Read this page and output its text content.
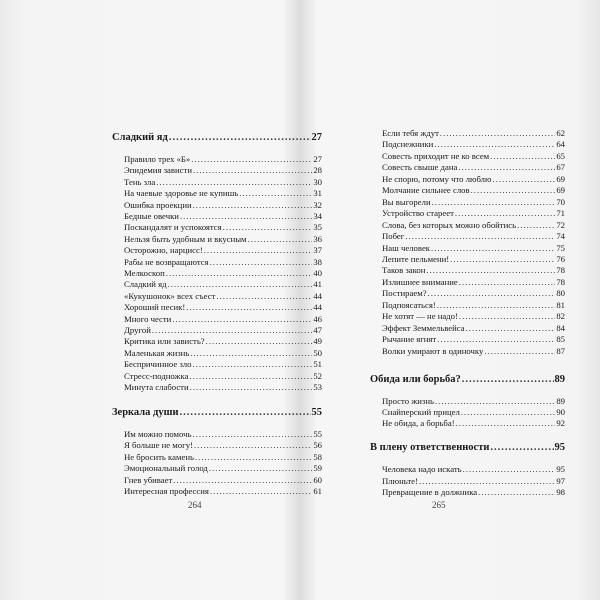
Сладкий яд .....	27
Правило трех «Б» .....	27
Эпидемия зависти .....	28
Тень зла .....	30
На чаевые здоровье не купишь .....	31
Ошибка проекции .....	32
Бедные овечки .....	34
Поскандалят и успокоятся .....	35
Нельзя быть удобным и вкусным .....	36
Осторожно, нарцисс! .....	37
Рабы не возвращаются .....	38
Мелкоскоп .....	40
Сладкий яд .....	41
«Кукушонок» всех съест .....	44
Хороший песик! .....	44
Много чести .....	46
Другой .....	47
Критика или зависть? .....	49
Маленькая жизнь .....	50
Беспричинное зло .....	51
Стресс-подножка .....	52
Минута слабости .....	53
Зеркала души .....	55
Им можно помочь .....	55
Я больше не могу! .....	56
Не бросить камень .....	58
Эмоциональный голод .....	59
Гнев убивает .....	60
Интересная профессия .....	61
264
Если тебя ждут .....	62
Подснежники .....	64
Совесть приходит не ко всем .....	65
Совесть свыше дана .....	67
Не спорю, потому что люблю .....	69
Молчание сильнее слов .....	69
Вы выгорели .....	70
Устройство стареет .....	71
Слова, без которых можно обойтись .....	72
Побег .....	74
Наш человек .....	75
Лепите пельмени! .....	76
Таков закон .....	78
Излишнее внимание .....	78
Постираем? .....	80
Подпоясаться! .....	81
Не хотят — не надо! .....	82
Эффект Земмельвейса .....	84
Рычание ягнят .....	85
Волки умирают в одиночку .....	87
Обида или борьба? .....	89
Просто жизнь .....	89
Снайперский прицел .....	90
Не обида, а борьба! .....	92
В плену ответственности .....	95
Человека надо искать .....	95
Плюньте! .....	97
Превращение в должника .....	98
265
